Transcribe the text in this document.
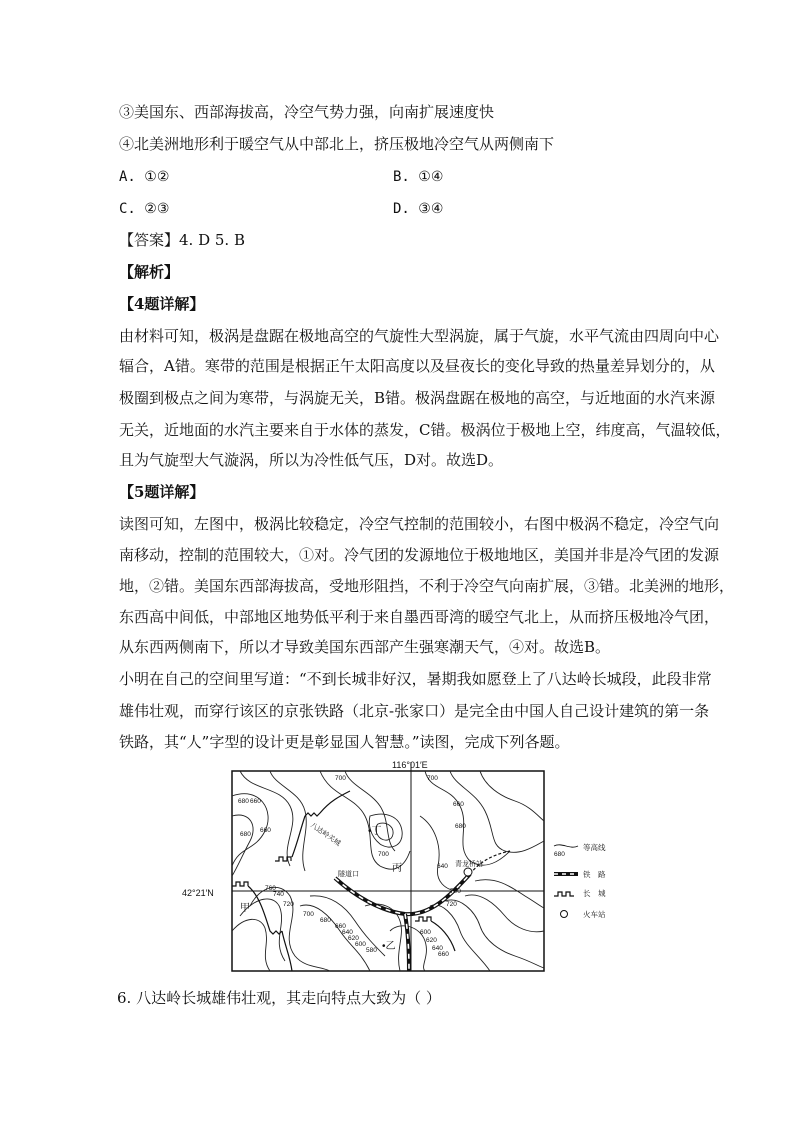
③美国东、西部海拔高，冷空气势力强，向南扩展速度快
④北美洲地形利于暖空气从中部北上，挤压极地冷空气从两侧南下
A. ①②	B. ①④
C. ②③	D. ③④
【答案】4. D 5. B
【解析】
【4题详解】
由材料可知，极涡是盘踞在极地高空的气旋性大型涡旋，属于气旋，水平气流由四周向中心
辐合，A错。寒带的范围是根据正午太阳高度以及昼夜长的变化导致的热量差异划分的，从
极圈到极点之间为寒带，与涡旋无关，B错。极涡盘踞在极地的高空，与近地面的水汽来源
无关，近地面的水汽主要来自于水体的蒸发，C错。极涡位于极地上空，纬度高，气温较低，
且为气旋型大气漩涡，所以为冷性低气压，D对。故选D。
【5题详解】
读图可知，左图中，极涡比较稳定，冷空气控制的范围较小，右图中极涡不稳定，冷空气向
南移动，控制的范围较大，①对。冷气团的发源地位于极地地区，美国并非是冷气团的发源
地，②错。美国东西部海拔高，受地形阻挡，不利于冷空气向南扩展，③错。北美洲的地形，
东西高中间低，中部地区地势低平利于来自墨西哥湾的暖空气北上，从而挤压极地冷气团，
从东西两侧南下，所以才导致美国东西部产生强寒潮天气，④对。故选B。
小明在自己的空间里写道：“不到长城非好汉，暑期我如愿登上了八达岭长城段，此段非常
雄伟壮观，而穿行该区的京张铁路（北京-张家口）是完全由中国人自己设计建筑的第一条
铁路，其“人”字型的设计更是彰显国人智慧。”读图，完成下列各题。
116°01′E
42°21′N
甲
•乙
丙
•丁
八达岭关城
隧道口
青龙桥站
700
680 660
680
660
700
660
680
700
640
760
740
720
700
680
660
640
620
600
580
600
620
640
660
700
720
680
等高线
铁　路
长　城
火车站
6. 八达岭长城雄伟壮观，其走向特点大致为（ ）
